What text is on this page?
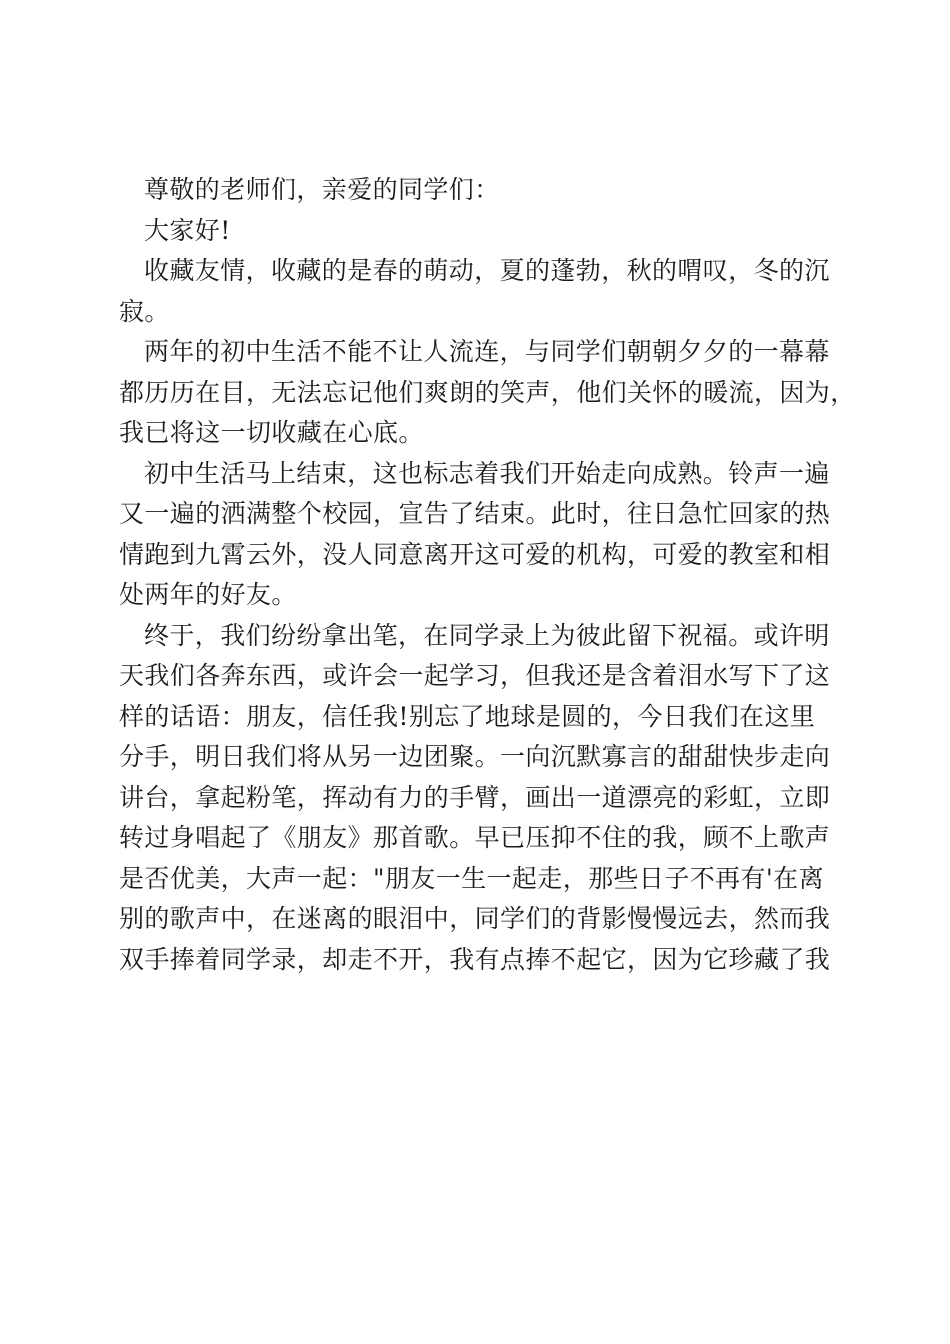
尊敬的老师们，亲爱的同学们：
大家好!
收藏友情，收藏的是春的萌动，夏的蓬勃，秋的喟叹，冬的沉
寂。
两年的初中生活不能不让人流连，与同学们朝朝夕夕的一幕幕
都历历在目，无法忘记他们爽朗的笑声，他们关怀的暖流，因为，
我已将这一切收藏在心底。
初中生活马上结束，这也标志着我们开始走向成熟。铃声一遍
又一遍的洒满整个校园，宣告了结束。此时，往日急忙回家的热
情跑到九霄云外，没人同意离开这可爱的机构，可爱的教室和相
处两年的好友。
终于，我们纷纷拿出笔，在同学录上为彼此留下祝福。或许明
天我们各奔东西，或许会一起学习，但我还是含着泪水写下了这
样的话语：朋友，信任我!别忘了地球是圆的，今日我们在这里
分手，明日我们将从另一边团聚。一向沉默寡言的甜甜快步走向
讲台，拿起粉笔，挥动有力的手臂，画出一道漂亮的彩虹，立即
转过身唱起了《朋友》那首歌。早已压抑不住的我，顾不上歌声
是否优美，大声一起："朋友一生一起走，那些日子不再有'在离
别的歌声中，在迷离的眼泪中，同学们的背影慢慢远去，然而我
双手捧着同学录，却走不开，我有点捧不起它，因为它珍藏了我
